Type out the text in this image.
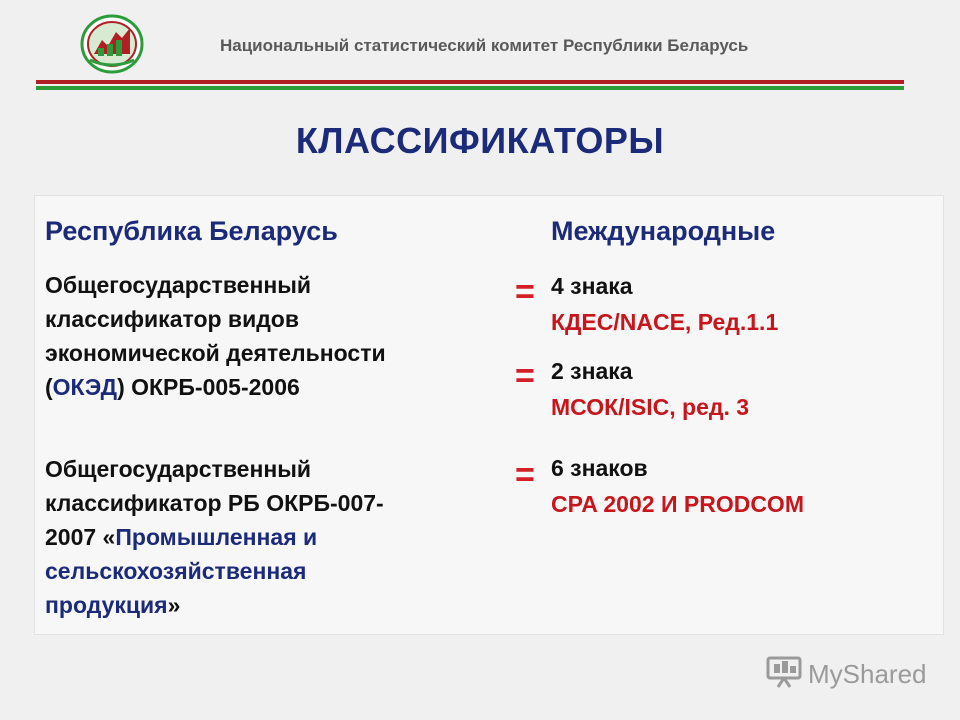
Национальный статистический комитет Республики Беларусь
КЛАССИФИКАТОРЫ
Республика Беларусь	Международные
Общегосударственный
классификатор видов
экономической деятельности
(ОКЭД) ОКРБ-005-2006
= 4 знака
КДЕС/NACE, Ред.1.1
= 2 знака
МСОК/ISIC, ред. 3
Общегосударственный
классификатор РБ ОКРБ-007-
2007 «Промышленная и
сельскохозяйственная
продукция»
= 6 знаков
CPA 2002 И PRODCOM
MyShared
